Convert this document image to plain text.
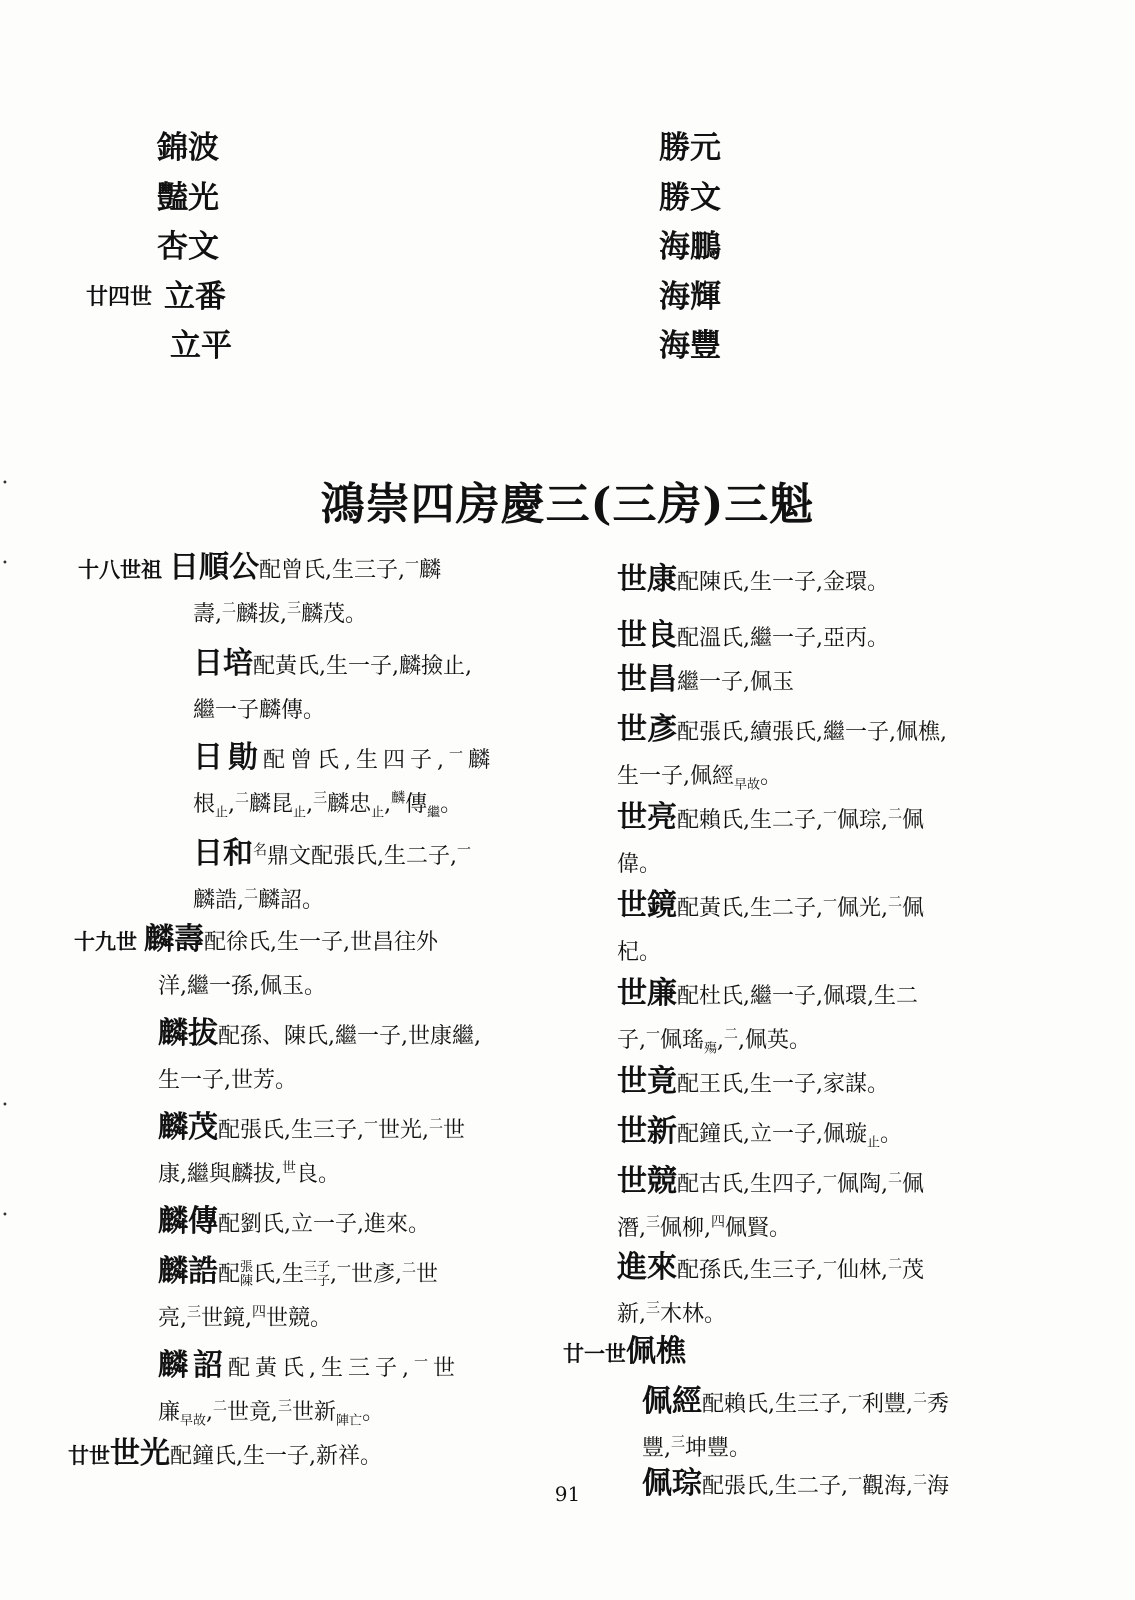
錦波
豔光
杏文
廿四世 立番
立平
勝元
勝文
海鵬
海輝
海豐
鴻崇四房慶三(三房)三魁
十八世祖 日順公配曾氏,生三子,$^一$麟
壽,$^二$麟拔,$^三$麟茂。
日培配黃氏,生一子,麟撿止,
繼一子麟傳。
日勛配曾氏,生四子,$^一$麟
根$_止$,$^二$麟昆$_止$,$^三$麟忠$_止$,$^麟$傳$_繼$。
日和$^名$鼎文配張氏,生二子,$^一$
麟誥,$^二$麟詔。
十九世 麟壽配徐氏,生一子,世昌往外
洋,繼一孫,佩玉。
麟拔配孫、陳氏,繼一子,世康繼,
生一子,世芳。
麟茂配張氏,生三子,$^一$世光,$^二$世
康,繼與麟拔,$^世$良。
麟傳配劉氏,立一子,進來。
麟誥配張
陳氏,生三子
一子,$^一$世彥,$^二$世
亮,$^三$世鏡,$^四$世競。
麟詔配黃氏,生三子,$^一$世
廉$_{早故}$,$^二$世竟,$^三$世新$_{陣亡}$。
廿世世光配鐘氏,生一子,新祥。
世康配陳氏,生一子,金環。
世良配溫氏,繼一子,亞丙。
世昌繼一子,佩玉
世彥配張氏,續張氏,繼一子,佩樵,
生一子,佩經$_{早故}$。
世亮配賴氏,生二子,$^一$佩琮,$^二$佩
偉。
世鏡配黃氏,生二子,$^一$佩光,$^二$佩
杞。
世廉配杜氏,繼一子,佩環,生二
子,$^一$佩瑤$_殤$,$^二$,佩英。
世竟配王氏,生一子,家謀。
世新配鐘氏,立一子,佩璇$_止$。
世競配古氏,生四子,$^一$佩陶,$^二$佩
潛,$^三$佩柳,$^四$佩賢。
進來配孫氏,生三子,$^一$仙林,$^二$茂
新,$^三$木林。
廿一世佩樵
佩經配賴氏,生三子,$^一$利豐,$^二$秀
豐,$^三$坤豐。
佩琮配張氏,生二子,$^一$觀海,$^二$海
91
•
•
•
•
